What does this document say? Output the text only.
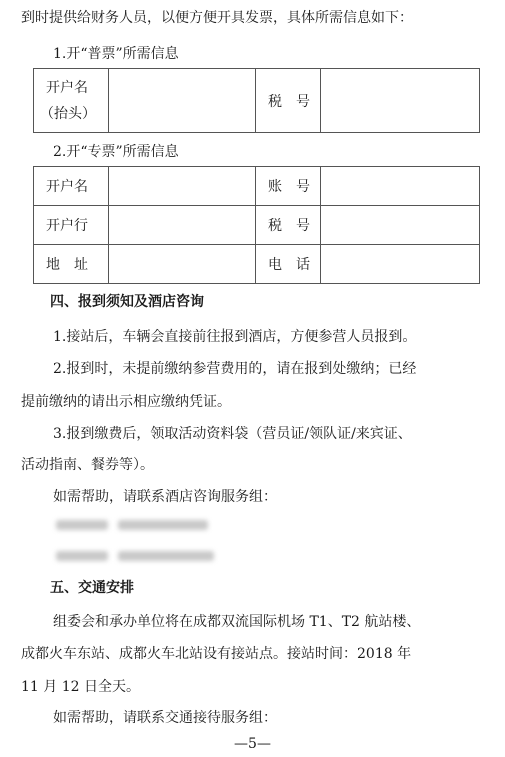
到时提供给财务人员，以便方便开具发票，具体所需信息如下：
1.开“普票”所需信息
开户名
（抬头）
		税　号	
2.开“专票”所需信息
开户名		账　号	
开户行		税　号	
地　址		电　话	
四、报到须知及酒店咨询
1.接站后，车辆会直接前往报到酒店，方便参营人员报到。
2.报到时，未提前缴纳参营费用的，请在报到处缴纳；已经
提前缴纳的请出示相应缴纳凭证。
3.报到缴费后，领取活动资料袋（营员证/领队证/来宾证、
活动指南、餐券等）。
如需帮助，请联系酒店咨询服务组：
五、交通安排
组委会和承办单位将在成都双流国际机场 T1、T2 航站楼、
成都火车东站、成都火车北站设有接站点。接站时间：2018 年
11 月 12 日全天。
如需帮助，请联系交通接待服务组：
—5—
